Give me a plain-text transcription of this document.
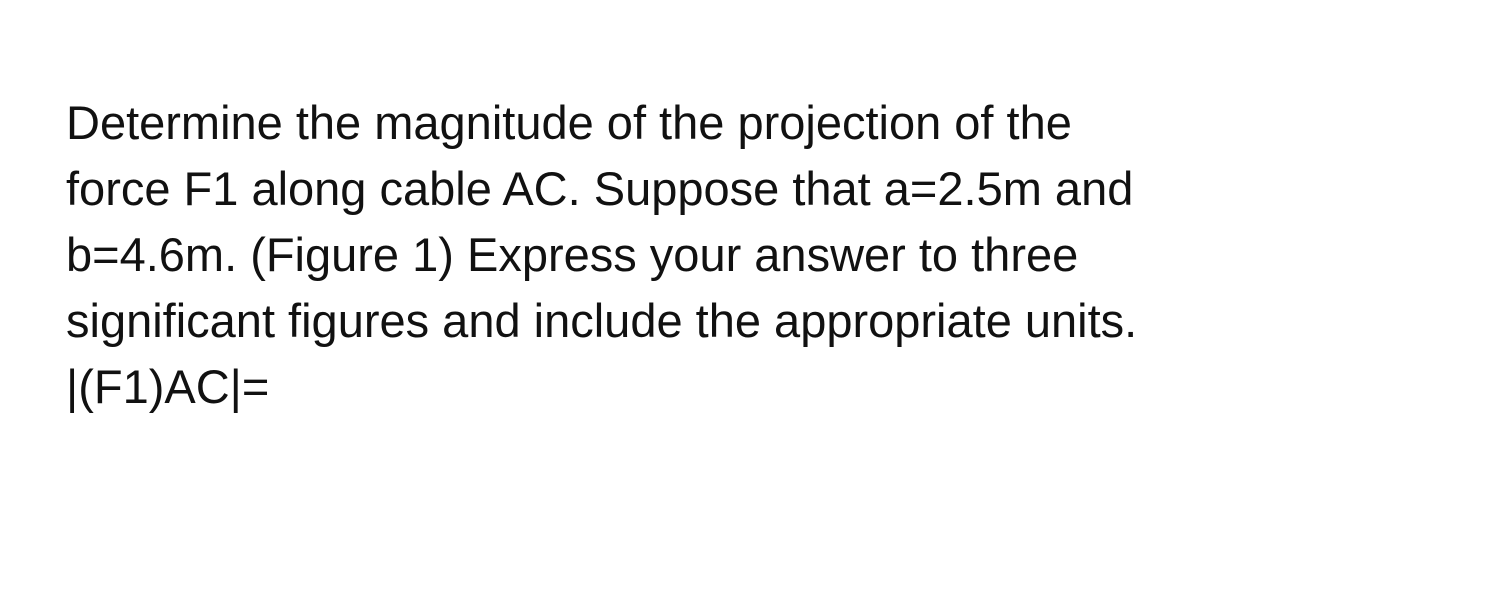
Determine the magnitude of the projection of the
force F1 along cable AC. Suppose that a=2.5m and
b=4.6m. (Figure 1) Express your answer to three
significant figures and include the appropriate units.
|(F1)AC|=
